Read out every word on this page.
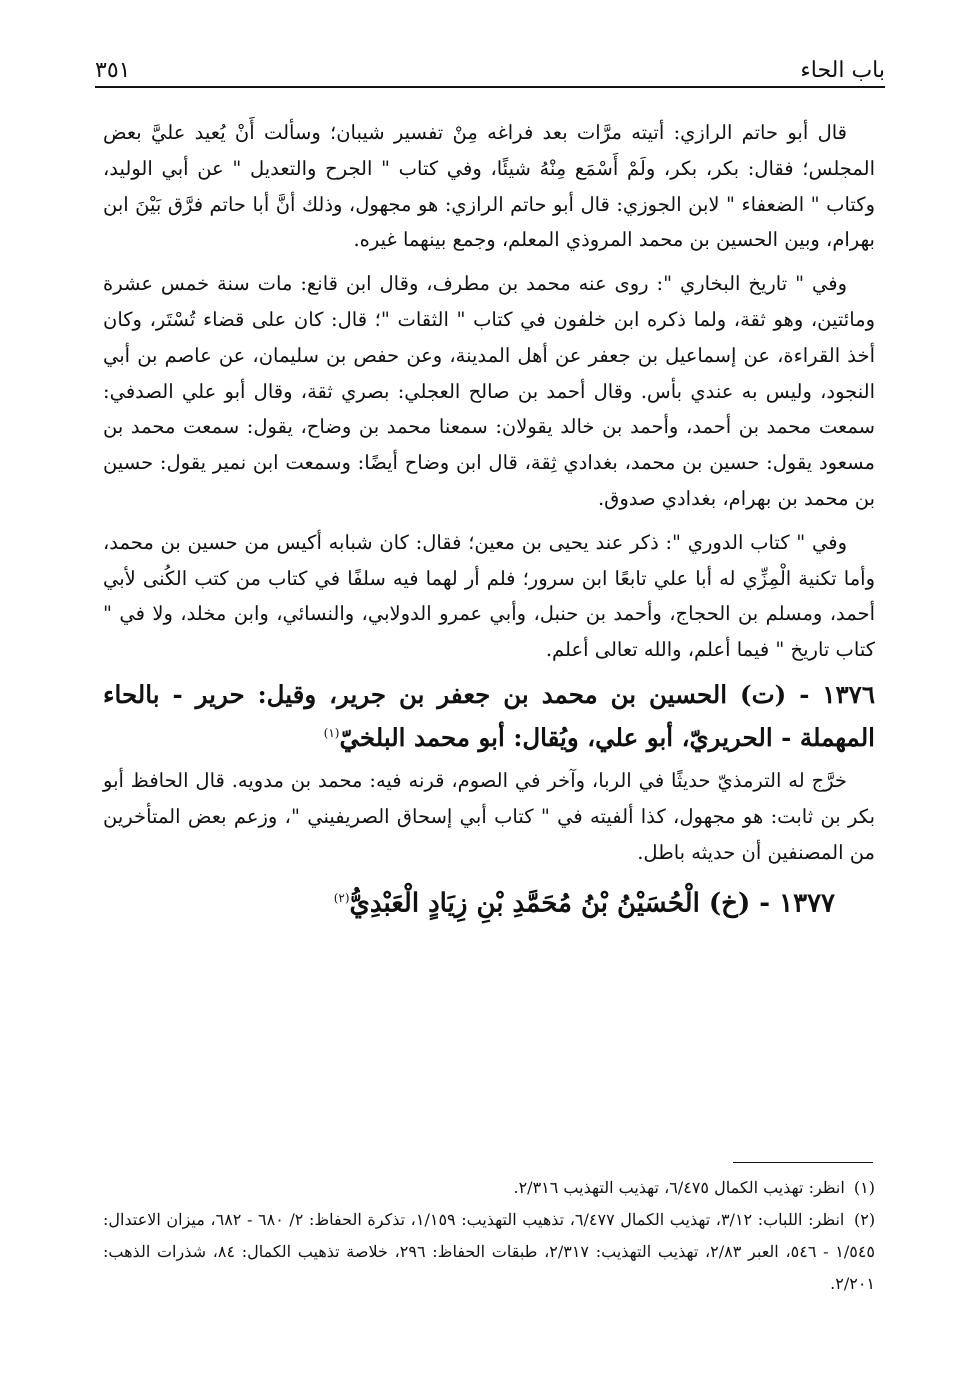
باب الحاء
٣٥١

قال أبو حاتم الرازي: أتيته مرَّات بعد فراغه مِنْ تفسير شيبان؛ وسألت أَنْ يُعيد عليَّ بعض المجلس؛ فقال: بكر، بكر، ولَمْ أَسْمَع مِنْهُ شيئًا، وفي كتاب " الجرح والتعديل " عن أبي الوليد، وكتاب " الضعفاء " لابن الجوزي: قال أبو حاتم الرازي: هو مجهول، وذلك أنَّ أبا حاتم فرَّق بَيْنَ ابن بهرام، وبين الحسين بن محمد المروذي المعلم، وجمع بينهما غيره.

وفي " تاريخ البخاري ": روى عنه محمد بن مطرف، وقال ابن قانع: مات سنة خمس عشرة ومائتين، وهو ثقة، ولما ذكره ابن خلفون في كتاب " الثقات "؛ قال: كان على قضاء تُسْتَر، وكان أخذ القراءة، عن إسماعيل بن جعفر عن أهل المدينة، وعن حفص بن سليمان، عن عاصم بن أبي النجود، وليس به عندي بأس. وقال أحمد بن صالح العجلي: بصري ثقة، وقال أبو علي الصدفي: سمعت محمد بن أحمد، وأحمد بن خالد يقولان: سمعنا محمد بن وضاح، يقول: سمعت محمد بن مسعود يقول: حسين بن محمد، بغدادي ثِقة، قال ابن وضاح أيضًا: وسمعت ابن نمير يقول: حسين بن محمد بن بهرام، بغدادي صدوق.

وفي " كتاب الدوري ": ذكر عند يحيى بن معين؛ فقال: كان شبابه أكيس من حسين بن محمد، وأما تكنية الْمِزِّي له أبا علي تابعًا ابن سرور؛ فلم أر لهما فيه سلفًا في كتاب من كتب الكُنى لأبي أحمد، ومسلم بن الحجاج، وأحمد بن حنبل، وأبي عمرو الدولابي، والنسائي، وابن مخلد، ولا في " كتاب تاريخ " فيما أعلم، والله تعالى أعلم.

١٣٧٦ - (ت) الحسين بن محمد بن جعفر بن جرير، وقيل: حرير - بالحاء المهملة - الحريريّ، أبو علي، ويُقال: أبو محمد البلخيّ$^{(١)}$

خرَّج له الترمذيّ حديثًا في الربا، وآخر في الصوم، قرنه فيه: محمد بن مدويه. قال الحافظ أبو بكر بن ثابت: هو مجهول، كذا ألفيته في " كتاب أبي إسحاق الصريفيني "، وزعم بعض المتأخرين من المصنفين أن حديثه باطل.

١٣٧٧ - (خ) الْحُسَيْنُ بْنُ مُحَمَّدِ بْنِ زِيَادٍ الْعَبْدِيُّ$^{(٢)}$

(١) انظر: تهذيب الكمال ٦/٤٧٥، تهذيب التهذيب ٢/٣١٦.

(٢) انظر: اللباب: ٣/١٢، تهذيب الكمال ٦/٤٧٧، تذهيب التهذيب: ١/١٥٩، تذكرة الحفاظ: ٢/ ٦٨٠ - ٦٨٢، ميزان الاعتدال: ١/٥٤٥ - ٥٤٦، العبر ٢/٨٣، تهذيب التهذيب: ٢/٣١٧، طبقات الحفاظ: ٢٩٦، خلاصة تذهيب الكمال: ٨٤، شذرات الذهب: ٢/٢٠١.
